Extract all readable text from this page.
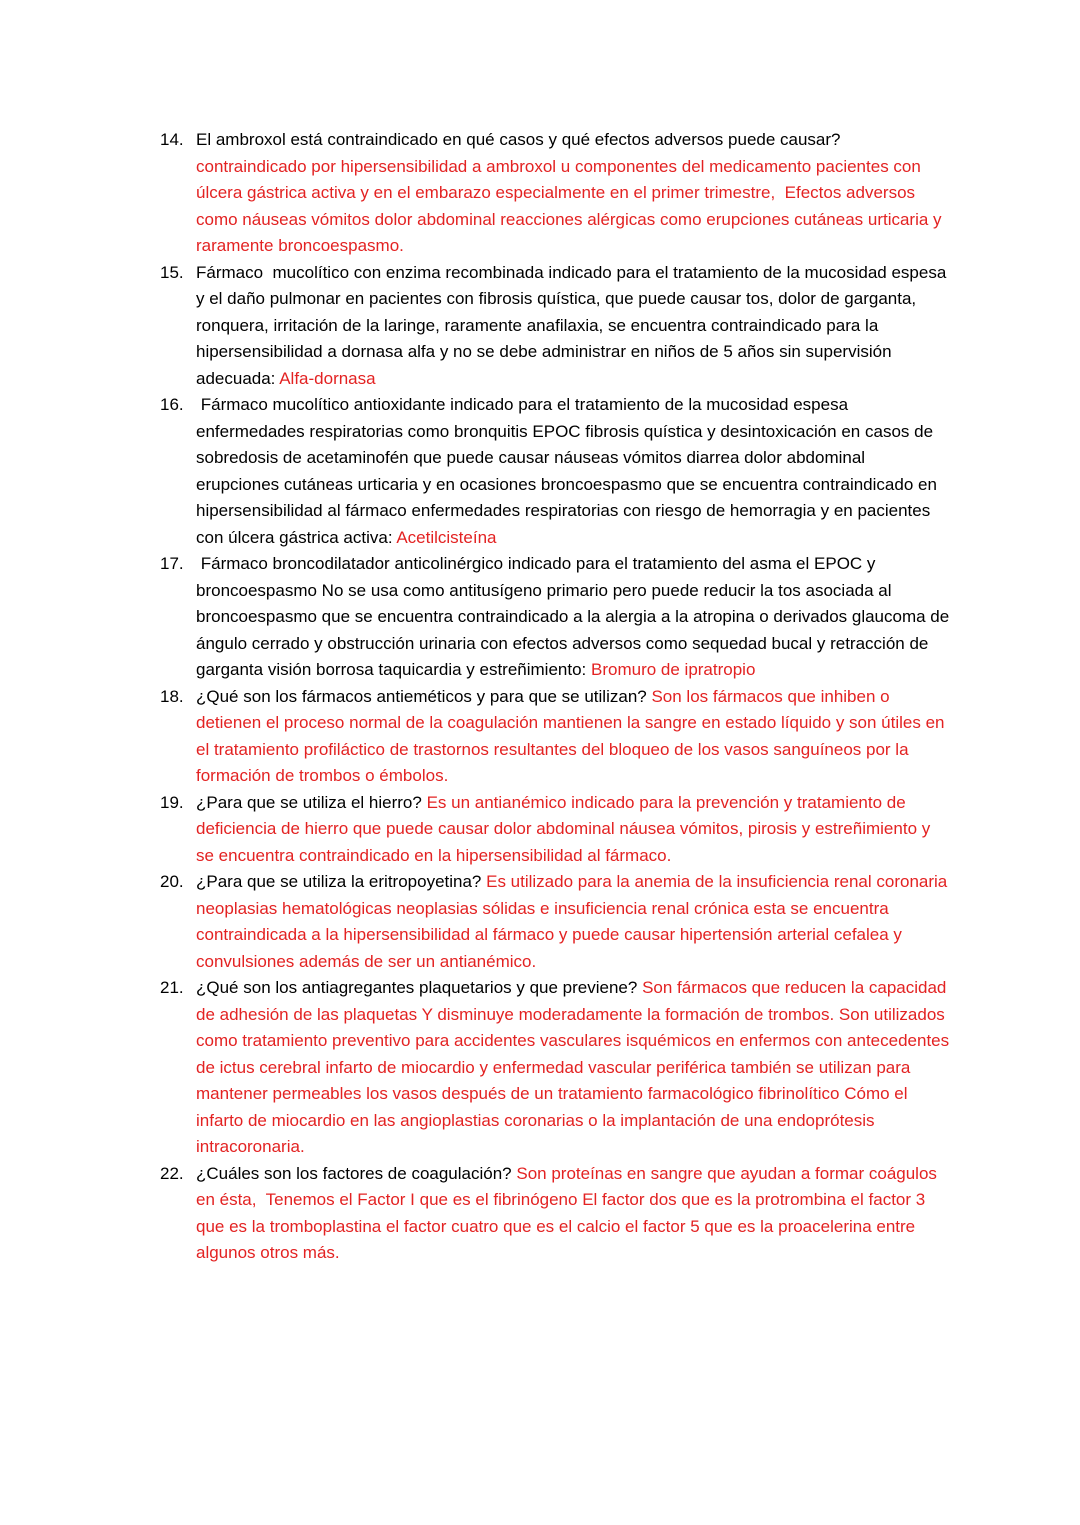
14. El ambroxol está contraindicado en qué casos y qué efectos adversos puede causar?  contraindicado por hipersensibilidad a ambroxol u componentes del medicamento pacientes con úlcera gástrica activa y en el embarazo especialmente en el primer trimestre,  Efectos adversos como náuseas vómitos dolor abdominal reacciones alérgicas como erupciones cutáneas urticaria y raramente broncoespasmo.
15. Fármaco  mucolítico con enzima recombinada indicado para el tratamiento de la mucosidad espesa y el daño pulmonar en pacientes con fibrosis quística, que puede causar tos, dolor de garganta, ronquera, irritación de la laringe, raramente anafilaxia, se encuentra contraindicado para la hipersensibilidad a dornasa alfa y no se debe administrar en niños de 5 años sin supervisión adecuada: Alfa-dornasa
16. Fármaco mucolítico antioxidante indicado para el tratamiento de la mucosidad espesa enfermedades respiratorias como bronquitis EPOC fibrosis quística y desintoxicación en casos de sobredosis de acetaminofén que puede causar náuseas vómitos diarrea dolor abdominal erupciones cutáneas urticaria y en ocasiones broncoespasmo que se encuentra contraindicado en hipersensibilidad al fármaco enfermedades respiratorias con riesgo de hemorragia y en pacientes con úlcera gástrica activa: Acetilcisteína
17. Fármaco broncodilatador anticolinérgico indicado para el tratamiento del asma el EPOC y broncoespasmo No se usa como antitusígeno primario pero puede reducir la tos asociada al broncoespasmo que se encuentra contraindicado a la alergia a la atropina o derivados glaucoma de ángulo cerrado y obstrucción urinaria con efectos adversos como sequedad bucal y retracción de garganta visión borrosa taquicardia y estreñimiento: Bromuro de ipratropio
18. ¿Qué son los fármacos antieméticos y para que se utilizan? Son los fármacos que inhiben o detienen el proceso normal de la coagulación mantienen la sangre en estado líquido y son útiles en el tratamiento profiláctico de trastornos resultantes del bloqueo de los vasos sanguíneos por la formación de trombos o émbolos.
19. ¿Para que se utiliza el hierro? Es un antianémico indicado para la prevención y tratamiento de deficiencia de hierro que puede causar dolor abdominal náusea vómitos, pirosis y estreñimiento y se encuentra contraindicado en la hipersensibilidad al fármaco.
20. ¿Para que se utiliza la eritropoyetina? Es utilizado para la anemia de la insuficiencia renal coronaria neoplasias hematológicas neoplasias sólidas e insuficiencia renal crónica esta se encuentra contraindicada a la hipersensibilidad al fármaco y puede causar hipertensión arterial cefalea y convulsiones además de ser un antianémico.
21. ¿Qué son los antiagregantes plaquetarios y que previene? Son fármacos que reducen la capacidad de adhesión de las plaquetas Y disminuye moderadamente la formación de trombos. Son utilizados como tratamiento preventivo para accidentes vasculares isquémicos en enfermos con antecedentes de ictus cerebral infarto de miocardio y enfermedad vascular periférica también se utilizan para mantener permeables los vasos después de un tratamiento farmacológico fibrinolítico Cómo el infarto de miocardio en las angioplastias coronarias o la implantación de una endoprótesis intracoronaria.
22. ¿Cuáles son los factores de coagulación? Son proteínas en sangre que ayudan a formar coágulos en ésta,  Tenemos el Factor I que es el fibrinógeno El factor dos que es la protrombina el factor 3 que es la tromboplastina el factor cuatro que es el calcio el factor 5 que es la proacelerina entre algunos otros más.
